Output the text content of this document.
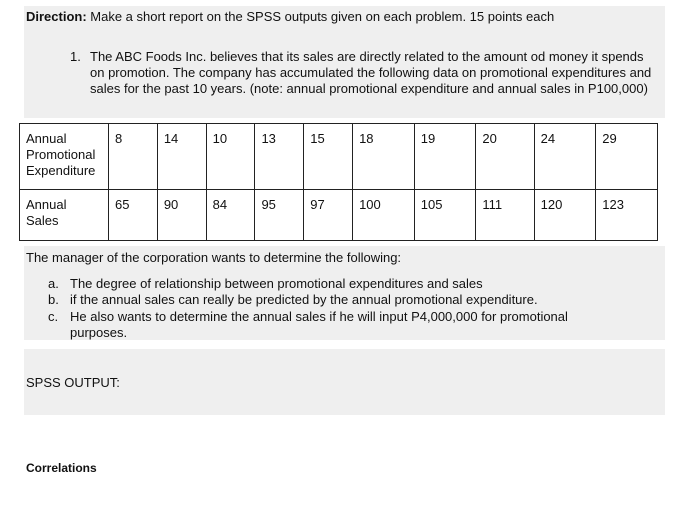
Direction: Make a short report on the SPSS outputs given on each problem. 15 points each
1. The ABC Foods Inc. believes that its sales are directly related to the amount od money it spends on promotion. The company has accumulated the following data on promotional expenditures and sales for the past 10 years. (note: annual promotional expenditure and annual sales in P100,000)
Annual Promotional Expenditure	8	14	10	13	15	18	19	20	24	29
Annual Sales	65	90	84	95	97	100	105	111	120	123
The manager of the corporation wants to determine the following:
a. The degree of relationship between promotional expenditures and sales
b. if the annual sales can really be predicted by the annual promotional expenditure.
c. He also wants to determine the annual sales if he will input P4,000,000 for promotional
purposes.
SPSS OUTPUT:
Correlations
